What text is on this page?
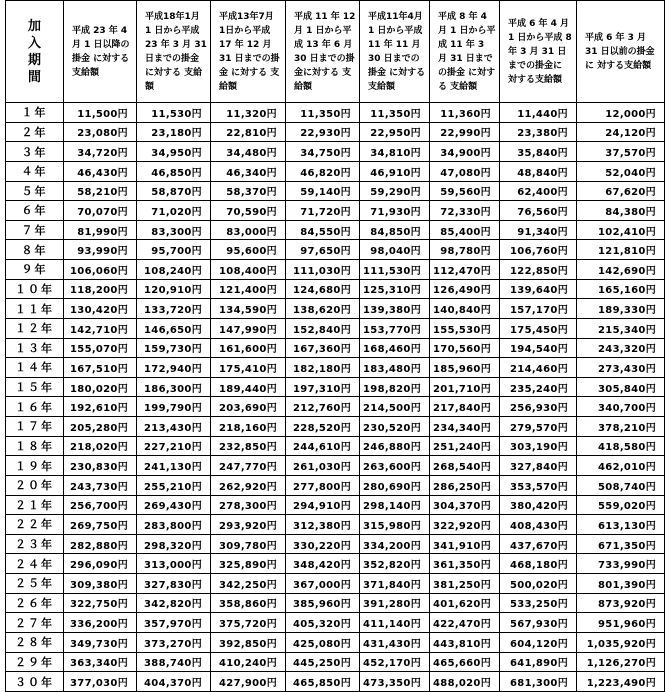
加入期間	平成 23 年 4 月 1 日以降の掛金 に対する 支給額	平成18年1月 1 日から平成 23 年 3 月 31 日までの掛金 に対する 支給額	平成13年7月 1日から平成 17 年 12 月 31 日までの掛金 に対する 支給額	平成 11 年 12 月 1 日から平 成 13 年 6 月 30 日までの掛 金に対する 支給額	平成11年4月 1 日から平成 11 年 11 月 30 日までの掛金 に対する 支給額	平成 8 年 4 月 1 日から平成 11 年 3 月 31 日までの掛金 に対する 支給額	平成 6 年 4 月 1 日から平成 8 年 3 月 31 日 までの掛金に 対する支給額	平成 6 年 3 月 31 日以前の掛金に 対する支給額
１年	11,500円	11,530円	11,320円	11,350円	11,350円	11,360円	11,440円	12,000円
２年	23,080円	23,180円	22,810円	22,930円	22,950円	22,990円	23,380円	24,120円
３年	34,720円	34,950円	34,480円	34,750円	34,810円	34,900円	35,840円	37,570円
４年	46,430円	46,850円	46,340円	46,820円	46,910円	47,080円	48,840円	52,040円
５年	58,210円	58,870円	58,370円	59,140円	59,290円	59,560円	62,400円	67,620円
６年	70,070円	71,020円	70,590円	71,720円	71,930円	72,330円	76,560円	84,380円
７年	81,990円	83,300円	83,000円	84,550円	84,850円	85,400円	91,340円	102,410円
８年	93,990円	95,700円	95,600円	97,650円	98,040円	98,780円	106,760円	121,810円
９年	106,060円	108,240円	108,400円	111,030円	111,530円	112,470円	122,850円	142,690円
１０年	118,200円	120,910円	121,400円	124,680円	125,310円	126,490円	139,640円	165,160円
１１年	130,420円	133,720円	134,590円	138,620円	139,380円	140,840円	157,170円	189,330円
１２年	142,710円	146,650円	147,990円	152,840円	153,770円	155,530円	175,450円	215,340円
１３年	155,070円	159,730円	161,600円	167,360円	168,460円	170,560円	194,540円	243,320円
１４年	167,510円	172,940円	175,410円	182,180円	183,480円	185,960円	214,460円	273,430円
１５年	180,020円	186,300円	189,440円	197,310円	198,820円	201,710円	235,240円	305,840円
１６年	192,610円	199,790円	203,690円	212,760円	214,500円	217,840円	256,930円	340,700円
１７年	205,280円	213,430円	218,160円	228,520円	230,520円	234,340円	279,570円	378,210円
１８年	218,020円	227,210円	232,850円	244,610円	246,880円	251,240円	303,190円	418,580円
１９年	230,830円	241,130円	247,770円	261,030円	263,600円	268,540円	327,840円	462,010円
２０年	243,730円	255,210円	262,920円	277,800円	280,690円	286,250円	353,570円	508,740円
２１年	256,700円	269,430円	278,300円	294,910円	298,140円	304,370円	380,420円	559,020円
２２年	269,750円	283,800円	293,920円	312,380円	315,980円	322,920円	408,430円	613,130円
２３年	282,880円	298,320円	309,780円	330,220円	334,200円	341,910円	437,670円	671,350円
２４年	296,090円	313,000円	325,890円	348,420円	352,820円	361,350円	468,180円	733,990円
２５年	309,380円	327,830円	342,250円	367,000円	371,840円	381,250円	500,020円	801,390円
２６年	322,750円	342,820円	358,860円	385,960円	391,280円	401,620円	533,250円	873,920円
２７年	336,200円	357,970円	375,720円	405,320円	411,140円	422,470円	567,930円	951,960円
２８年	349,730円	373,270円	392,850円	425,080円	431,430円	443,810円	604,120円	1,035,920円
２９年	363,340円	388,740円	410,240円	445,250円	452,170円	465,660円	641,890円	1,126,270円
３０年	377,030円	404,370円	427,900円	465,850円	473,350円	488,020円	681,300円	1,223,490円
